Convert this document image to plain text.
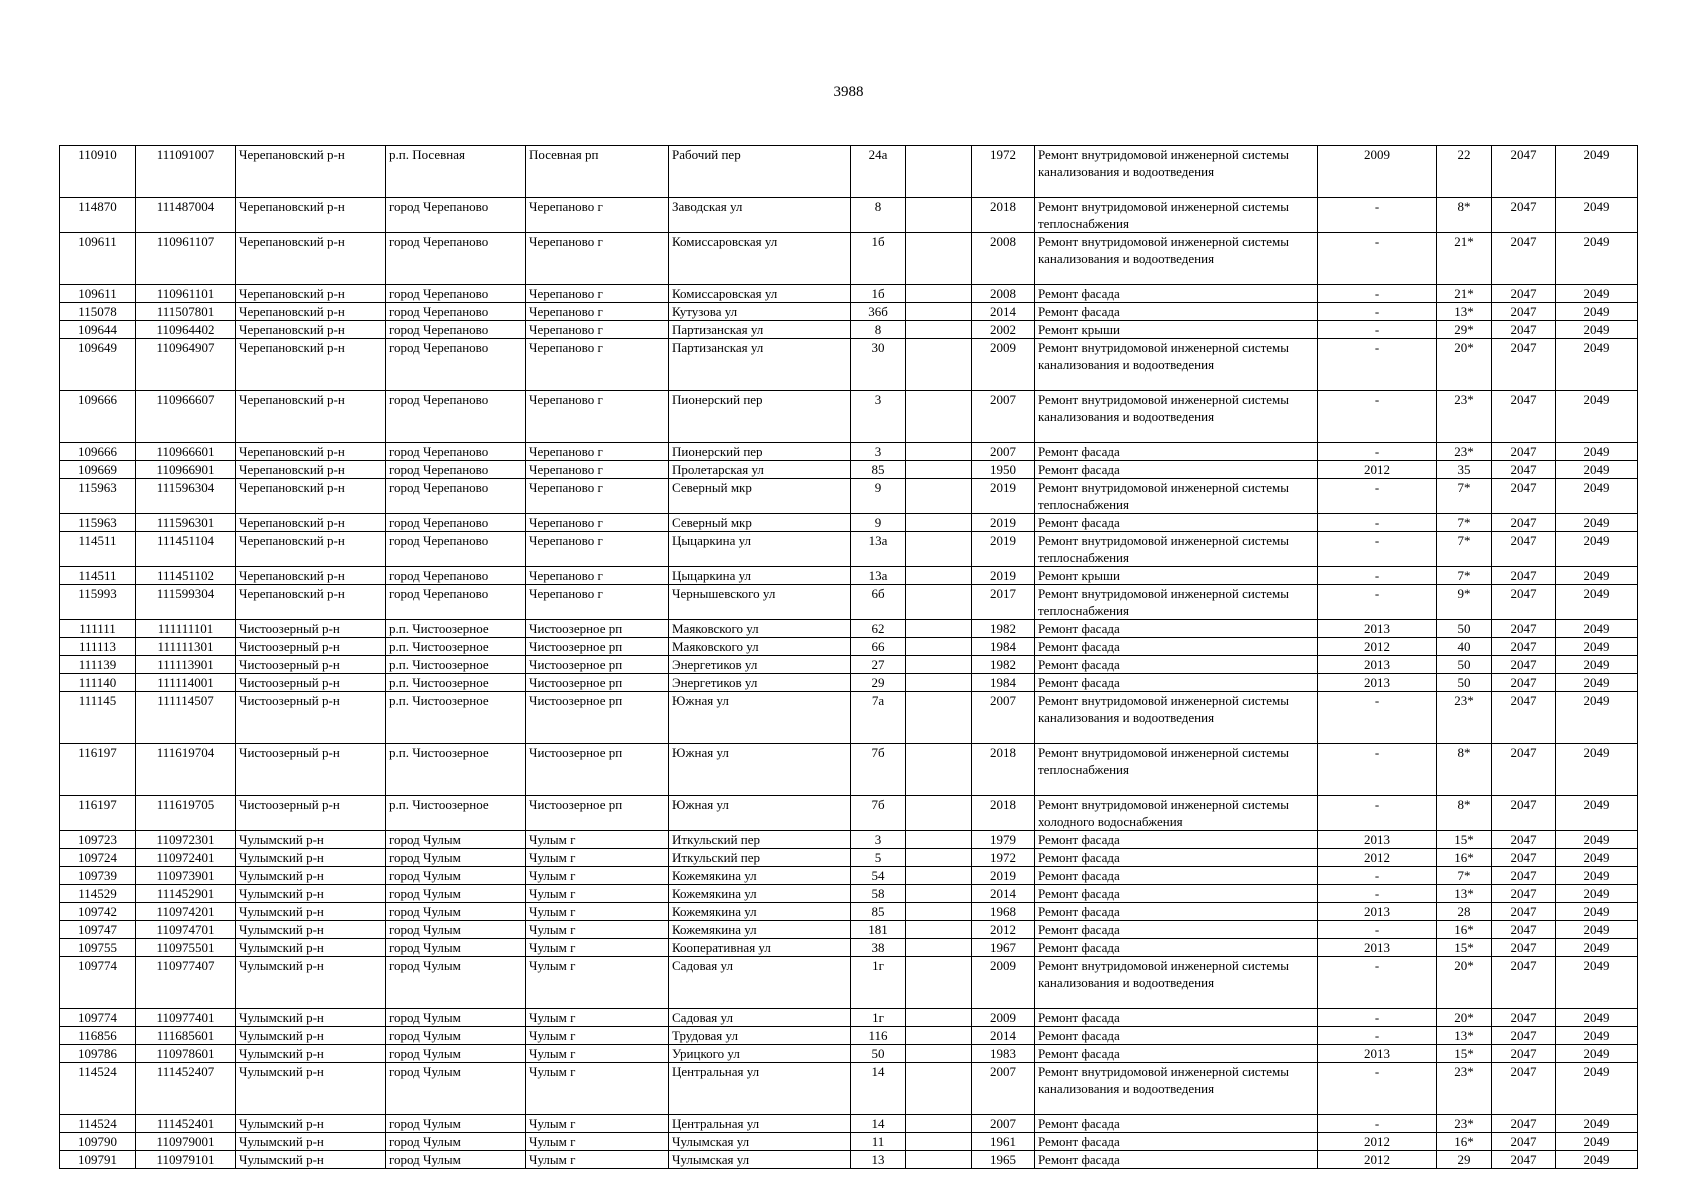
3988
110910	111091007	Черепановский р-н	р.п. Посевная	Посевная рп	Рабочий пер	24а		1972	Ремонт внутридомовой инженерной системы канализования и водоотведения	2009	22	2047	2049
114870	111487004	Черепановский р-н	город Черепаново	Черепаново г	Заводская ул	8		2018	Ремонт внутридомовой инженерной системы теплоснабжения	-	8*	2047	2049
109611	110961107	Черепановский р-н	город Черепаново	Черепаново г	Комиссаровская ул	1б		2008	Ремонт внутридомовой инженерной системы канализования и водоотведения	-	21*	2047	2049
109611	110961101	Черепановский р-н	город Черепаново	Черепаново г	Комиссаровская ул	1б		2008	Ремонт фасада	-	21*	2047	2049
115078	111507801	Черепановский р-н	город Черепаново	Черепаново г	Кутузова ул	36б		2014	Ремонт фасада	-	13*	2047	2049
109644	110964402	Черепановский р-н	город Черепаново	Черепаново г	Партизанская ул	8		2002	Ремонт крыши	-	29*	2047	2049
109649	110964907	Черепановский р-н	город Черепаново	Черепаново г	Партизанская ул	30		2009	Ремонт внутридомовой инженерной системы канализования и водоотведения	-	20*	2047	2049
109666	110966607	Черепановский р-н	город Черепаново	Черепаново г	Пионерский пер	3		2007	Ремонт внутридомовой инженерной системы канализования и водоотведения	-	23*	2047	2049
109666	110966601	Черепановский р-н	город Черепаново	Черепаново г	Пионерский пер	3		2007	Ремонт фасада	-	23*	2047	2049
109669	110966901	Черепановский р-н	город Черепаново	Черепаново г	Пролетарская ул	85		1950	Ремонт фасада	2012	35	2047	2049
115963	111596304	Черепановский р-н	город Черепаново	Черепаново г	Северный мкр	9		2019	Ремонт внутридомовой инженерной системы теплоснабжения	-	7*	2047	2049
115963	111596301	Черепановский р-н	город Черепаново	Черепаново г	Северный мкр	9		2019	Ремонт фасада	-	7*	2047	2049
114511	111451104	Черепановский р-н	город Черепаново	Черепаново г	Цыцаркина ул	13а		2019	Ремонт внутридомовой инженерной системы теплоснабжения	-	7*	2047	2049
114511	111451102	Черепановский р-н	город Черепаново	Черепаново г	Цыцаркина ул	13а		2019	Ремонт крыши	-	7*	2047	2049
115993	111599304	Черепановский р-н	город Черепаново	Черепаново г	Чернышевского ул	6б		2017	Ремонт внутридомовой инженерной системы теплоснабжения	-	9*	2047	2049
111111	111111101	Чистоозерный р-н	р.п. Чистоозерное	Чистоозерное рп	Маяковского ул	62		1982	Ремонт фасада	2013	50	2047	2049
111113	111111301	Чистоозерный р-н	р.п. Чистоозерное	Чистоозерное рп	Маяковского ул	66		1984	Ремонт фасада	2012	40	2047	2049
111139	111113901	Чистоозерный р-н	р.п. Чистоозерное	Чистоозерное рп	Энергетиков ул	27		1982	Ремонт фасада	2013	50	2047	2049
111140	111114001	Чистоозерный р-н	р.п. Чистоозерное	Чистоозерное рп	Энергетиков ул	29		1984	Ремонт фасада	2013	50	2047	2049
111145	111114507	Чистоозерный р-н	р.п. Чистоозерное	Чистоозерное рп	Южная ул	7а		2007	Ремонт внутридомовой инженерной системы канализования и водоотведения	-	23*	2047	2049
116197	111619704	Чистоозерный р-н	р.п. Чистоозерное	Чистоозерное рп	Южная ул	7б		2018	Ремонт внутридомовой инженерной системы теплоснабжения	-	8*	2047	2049
116197	111619705	Чистоозерный р-н	р.п. Чистоозерное	Чистоозерное рп	Южная ул	7б		2018	Ремонт внутридомовой инженерной системы холодного водоснабжения	-	8*	2047	2049
109723	110972301	Чулымский р-н	город Чулым	Чулым г	Иткульский пер	3		1979	Ремонт фасада	2013	15*	2047	2049
109724	110972401	Чулымский р-н	город Чулым	Чулым г	Иткульский пер	5		1972	Ремонт фасада	2012	16*	2047	2049
109739	110973901	Чулымский р-н	город Чулым	Чулым г	Кожемякина ул	54		2019	Ремонт фасада	-	7*	2047	2049
114529	111452901	Чулымский р-н	город Чулым	Чулым г	Кожемякина ул	58		2014	Ремонт фасада	-	13*	2047	2049
109742	110974201	Чулымский р-н	город Чулым	Чулым г	Кожемякина ул	85		1968	Ремонт фасада	2013	28	2047	2049
109747	110974701	Чулымский р-н	город Чулым	Чулым г	Кожемякина ул	181		2012	Ремонт фасада	-	16*	2047	2049
109755	110975501	Чулымский р-н	город Чулым	Чулым г	Кооперативная ул	38		1967	Ремонт фасада	2013	15*	2047	2049
109774	110977407	Чулымский р-н	город Чулым	Чулым г	Садовая ул	1г		2009	Ремонт внутридомовой инженерной системы канализования и водоотведения	-	20*	2047	2049
109774	110977401	Чулымский р-н	город Чулым	Чулым г	Садовая ул	1г		2009	Ремонт фасада	-	20*	2047	2049
116856	111685601	Чулымский р-н	город Чулым	Чулым г	Трудовая ул	116		2014	Ремонт фасада	-	13*	2047	2049
109786	110978601	Чулымский р-н	город Чулым	Чулым г	Урицкого ул	50		1983	Ремонт фасада	2013	15*	2047	2049
114524	111452407	Чулымский р-н	город Чулым	Чулым г	Центральная ул	14		2007	Ремонт внутридомовой инженерной системы канализования и водоотведения	-	23*	2047	2049
114524	111452401	Чулымский р-н	город Чулым	Чулым г	Центральная ул	14		2007	Ремонт фасада	-	23*	2047	2049
109790	110979001	Чулымский р-н	город Чулым	Чулым г	Чулымская ул	11		1961	Ремонт фасада	2012	16*	2047	2049
109791	110979101	Чулымский р-н	город Чулым	Чулым г	Чулымская ул	13		1965	Ремонт фасада	2012	29	2047	2049
